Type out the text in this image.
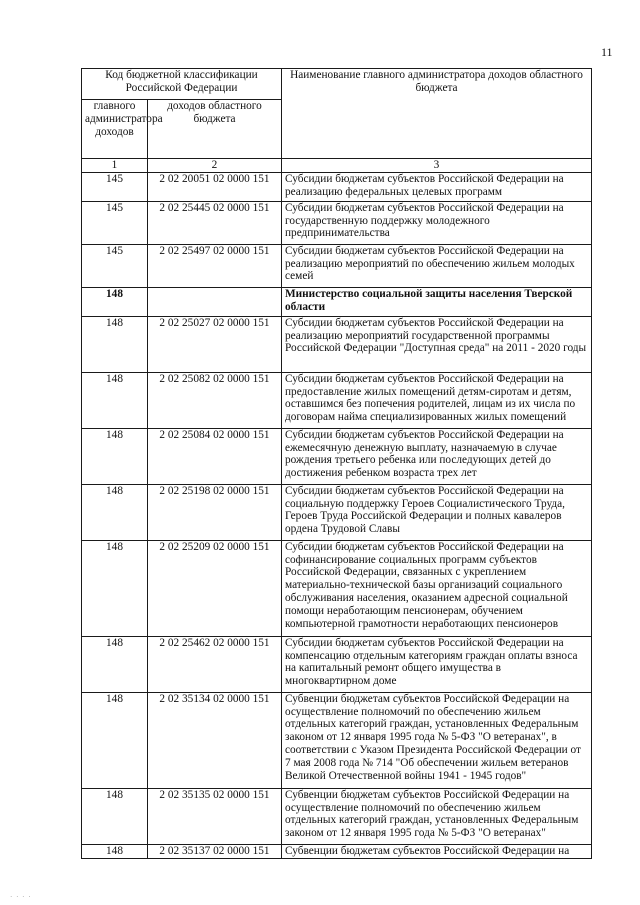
11
Код бюджетной классификации Российской Федерации		Наименование главного администратора доходов областного бюджета
главного администратора доходов	доходов областного бюджета	
1	2	3
145	2 02 20051 02 0000 151	Субсидии бюджетам субъектов Российской Федерации на реализацию федеральных целевых программ
145	2 02 25445 02 0000 151	Субсидии бюджетам субъектов Российской Федерации на государственную поддержку молодежного предпринимательства
145	2 02 25497 02 0000 151	Субсидии бюджетам субъектов Российской Федерации на реализацию мероприятий по обеспечению жильем молодых семей
148		Министерство социальной защиты населения Тверской области
148	2 02 25027 02 0000 151	Субсидии бюджетам субъектов Российской Федерации на реализацию мероприятий государственной программы Российской Федерации "Доступная среда" на 2011 - 2020 годы
148	2 02 25082 02 0000 151	Субсидии бюджетам субъектов Российской Федерации на предоставление жилых помещений детям-сиротам и детям, оставшимся без попечения родителей, лицам из их числа по договорам найма специализированных жилых помещений
148	2 02 25084 02 0000 151	Субсидии бюджетам субъектов Российской Федерации на ежемесячную денежную выплату, назначаемую в случае рождения третьего ребенка или последующих детей до достижения ребенком возраста трех лет
148	2 02 25198 02 0000 151	Субсидии бюджетам субъектов Российской Федерации на социальную поддержку Героев Социалистического Труда, Героев Труда Российской Федерации и полных кавалеров ордена Трудовой Славы
148	2 02 25209 02 0000 151	Субсидии бюджетам субъектов Российской Федерации на софинансирование социальных программ субъектов Российской Федерации, связанных с укреплением материально-технической базы организаций социального обслуживания населения, оказанием адресной социальной помощи неработающим пенсионерам, обучением компьютерной грамотности неработающих пенсионеров
148	2 02 25462 02 0000 151	Субсидии бюджетам субъектов Российской Федерации на компенсацию отдельным категориям граждан оплаты взноса на капитальный ремонт общего имущества в многоквартирном доме
148	2 02 35134 02 0000 151	Субвенции бюджетам субъектов Российской Федерации на осуществление полномочий по обеспечению жильем отдельных категорий граждан, установленных Федеральным законом от 12 января 1995 года № 5-ФЗ "О ветеранах", в соответствии с Указом Президента Российской Федерации от 7 мая 2008 года № 714 "Об обеспечении жильем ветеранов Великой Отечественной войны 1941 - 1945 годов"
148	2 02 35135 02 0000 151	Субвенции бюджетам субъектов Российской Федерации на осуществление полномочий по обеспечению жильем отдельных категорий граждан, установленных Федеральным законом от 12 января 1995 года № 5-ФЗ "О ветеранах"
148	2 02 35137 02 0000 151	Субвенции бюджетам субъектов Российской Федерации на
· · · ·
